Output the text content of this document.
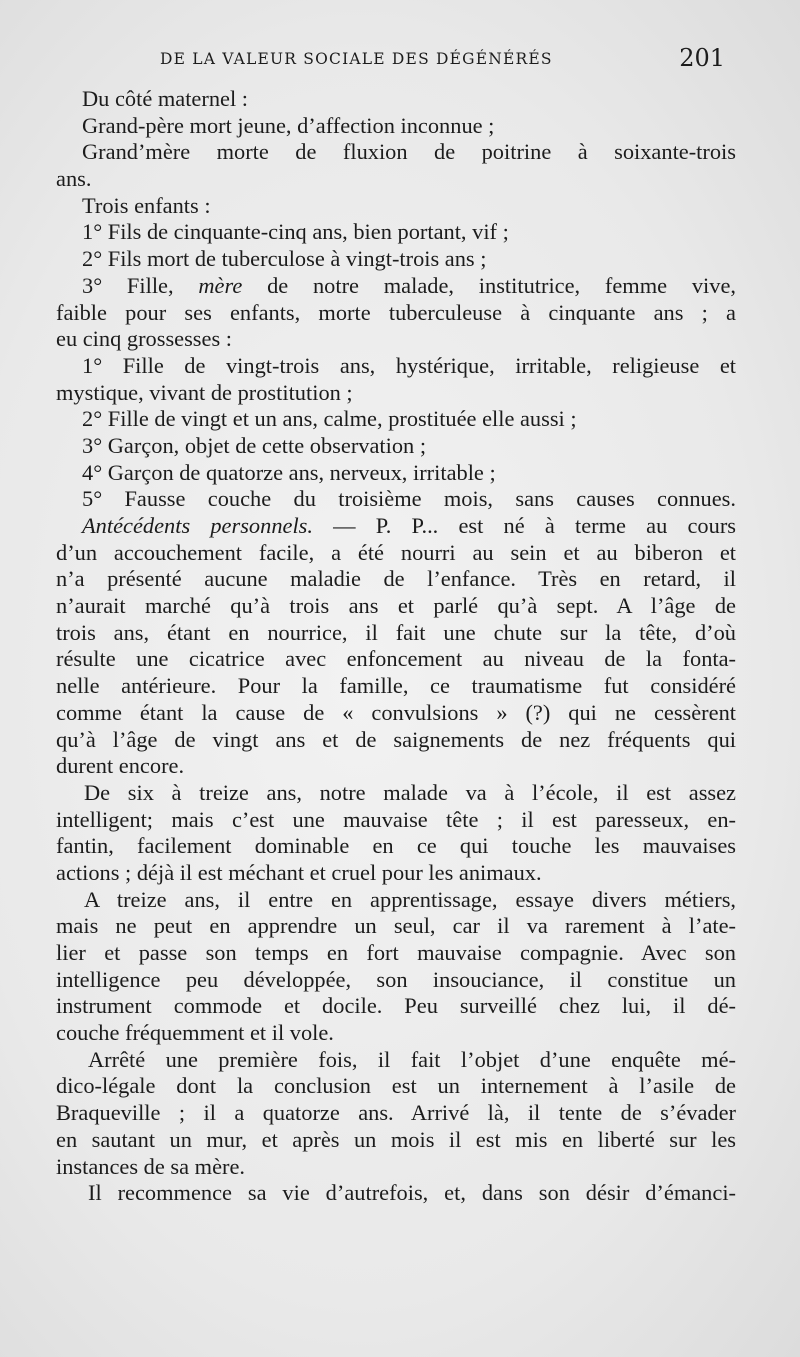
DE LA VALEUR SOCIALE DES DÉGÉNÉRÉS	201
Du côté maternel :
Grand-père mort jeune, d’affection inconnue ;
Grand’mère morte de fluxion de poitrine à soixante-trois
ans.
Trois enfants :
1° Fils de cinquante-cinq ans, bien portant, vif ;
2° Fils mort de tuberculose à vingt-trois ans ;
3° Fille, mère de notre malade, institutrice, femme vive,
faible pour ses enfants, morte tuberculeuse à cinquante ans ; a
eu cinq grossesses :
1° Fille de vingt-trois ans, hystérique, irritable, religieuse et
mystique, vivant de prostitution ;
2° Fille de vingt et un ans, calme, prostituée elle aussi ;
3° Garçon, objet de cette observation ;
4° Garçon de quatorze ans, nerveux, irritable ;
5° Fausse couche du troisième mois, sans causes connues.
Antécédents personnels. — P. P... est né à terme au cours
d’un accouchement facile, a été nourri au sein et au biberon et
n’a présenté aucune maladie de l’enfance. Très en retard, il
n’aurait marché qu’à trois ans et parlé qu’à sept. A l’âge de
trois ans, étant en nourrice, il fait une chute sur la tête, d’où
résulte une cicatrice avec enfoncement au niveau de la fonta-
nelle antérieure. Pour la famille, ce traumatisme fut considéré
comme étant la cause de « convulsions » (?) qui ne cessèrent
qu’à l’âge de vingt ans et de saignements de nez fréquents qui
durent encore.
De six à treize ans, notre malade va à l’école, il est assez
intelligent; mais c’est une mauvaise tête ; il est paresseux, en-
fantin, facilement dominable en ce qui touche les mauvaises
actions ; déjà il est méchant et cruel pour les animaux.
A treize ans, il entre en apprentissage, essaye divers métiers,
mais ne peut en apprendre un seul, car il va rarement à l’ate-
lier et passe son temps en fort mauvaise compagnie. Avec son
intelligence peu développée, son insouciance, il constitue un
instrument commode et docile. Peu surveillé chez lui, il dé-
couche fréquemment et il vole.
Arrêté une première fois, il fait l’objet d’une enquête mé-
dico-légale dont la conclusion est un internement à l’asile de
Braqueville ; il a quatorze ans. Arrivé là, il tente de s’évader
en sautant un mur, et après un mois il est mis en liberté sur les
instances de sa mère.
Il recommence sa vie d’autrefois, et, dans son désir d’émanci-
